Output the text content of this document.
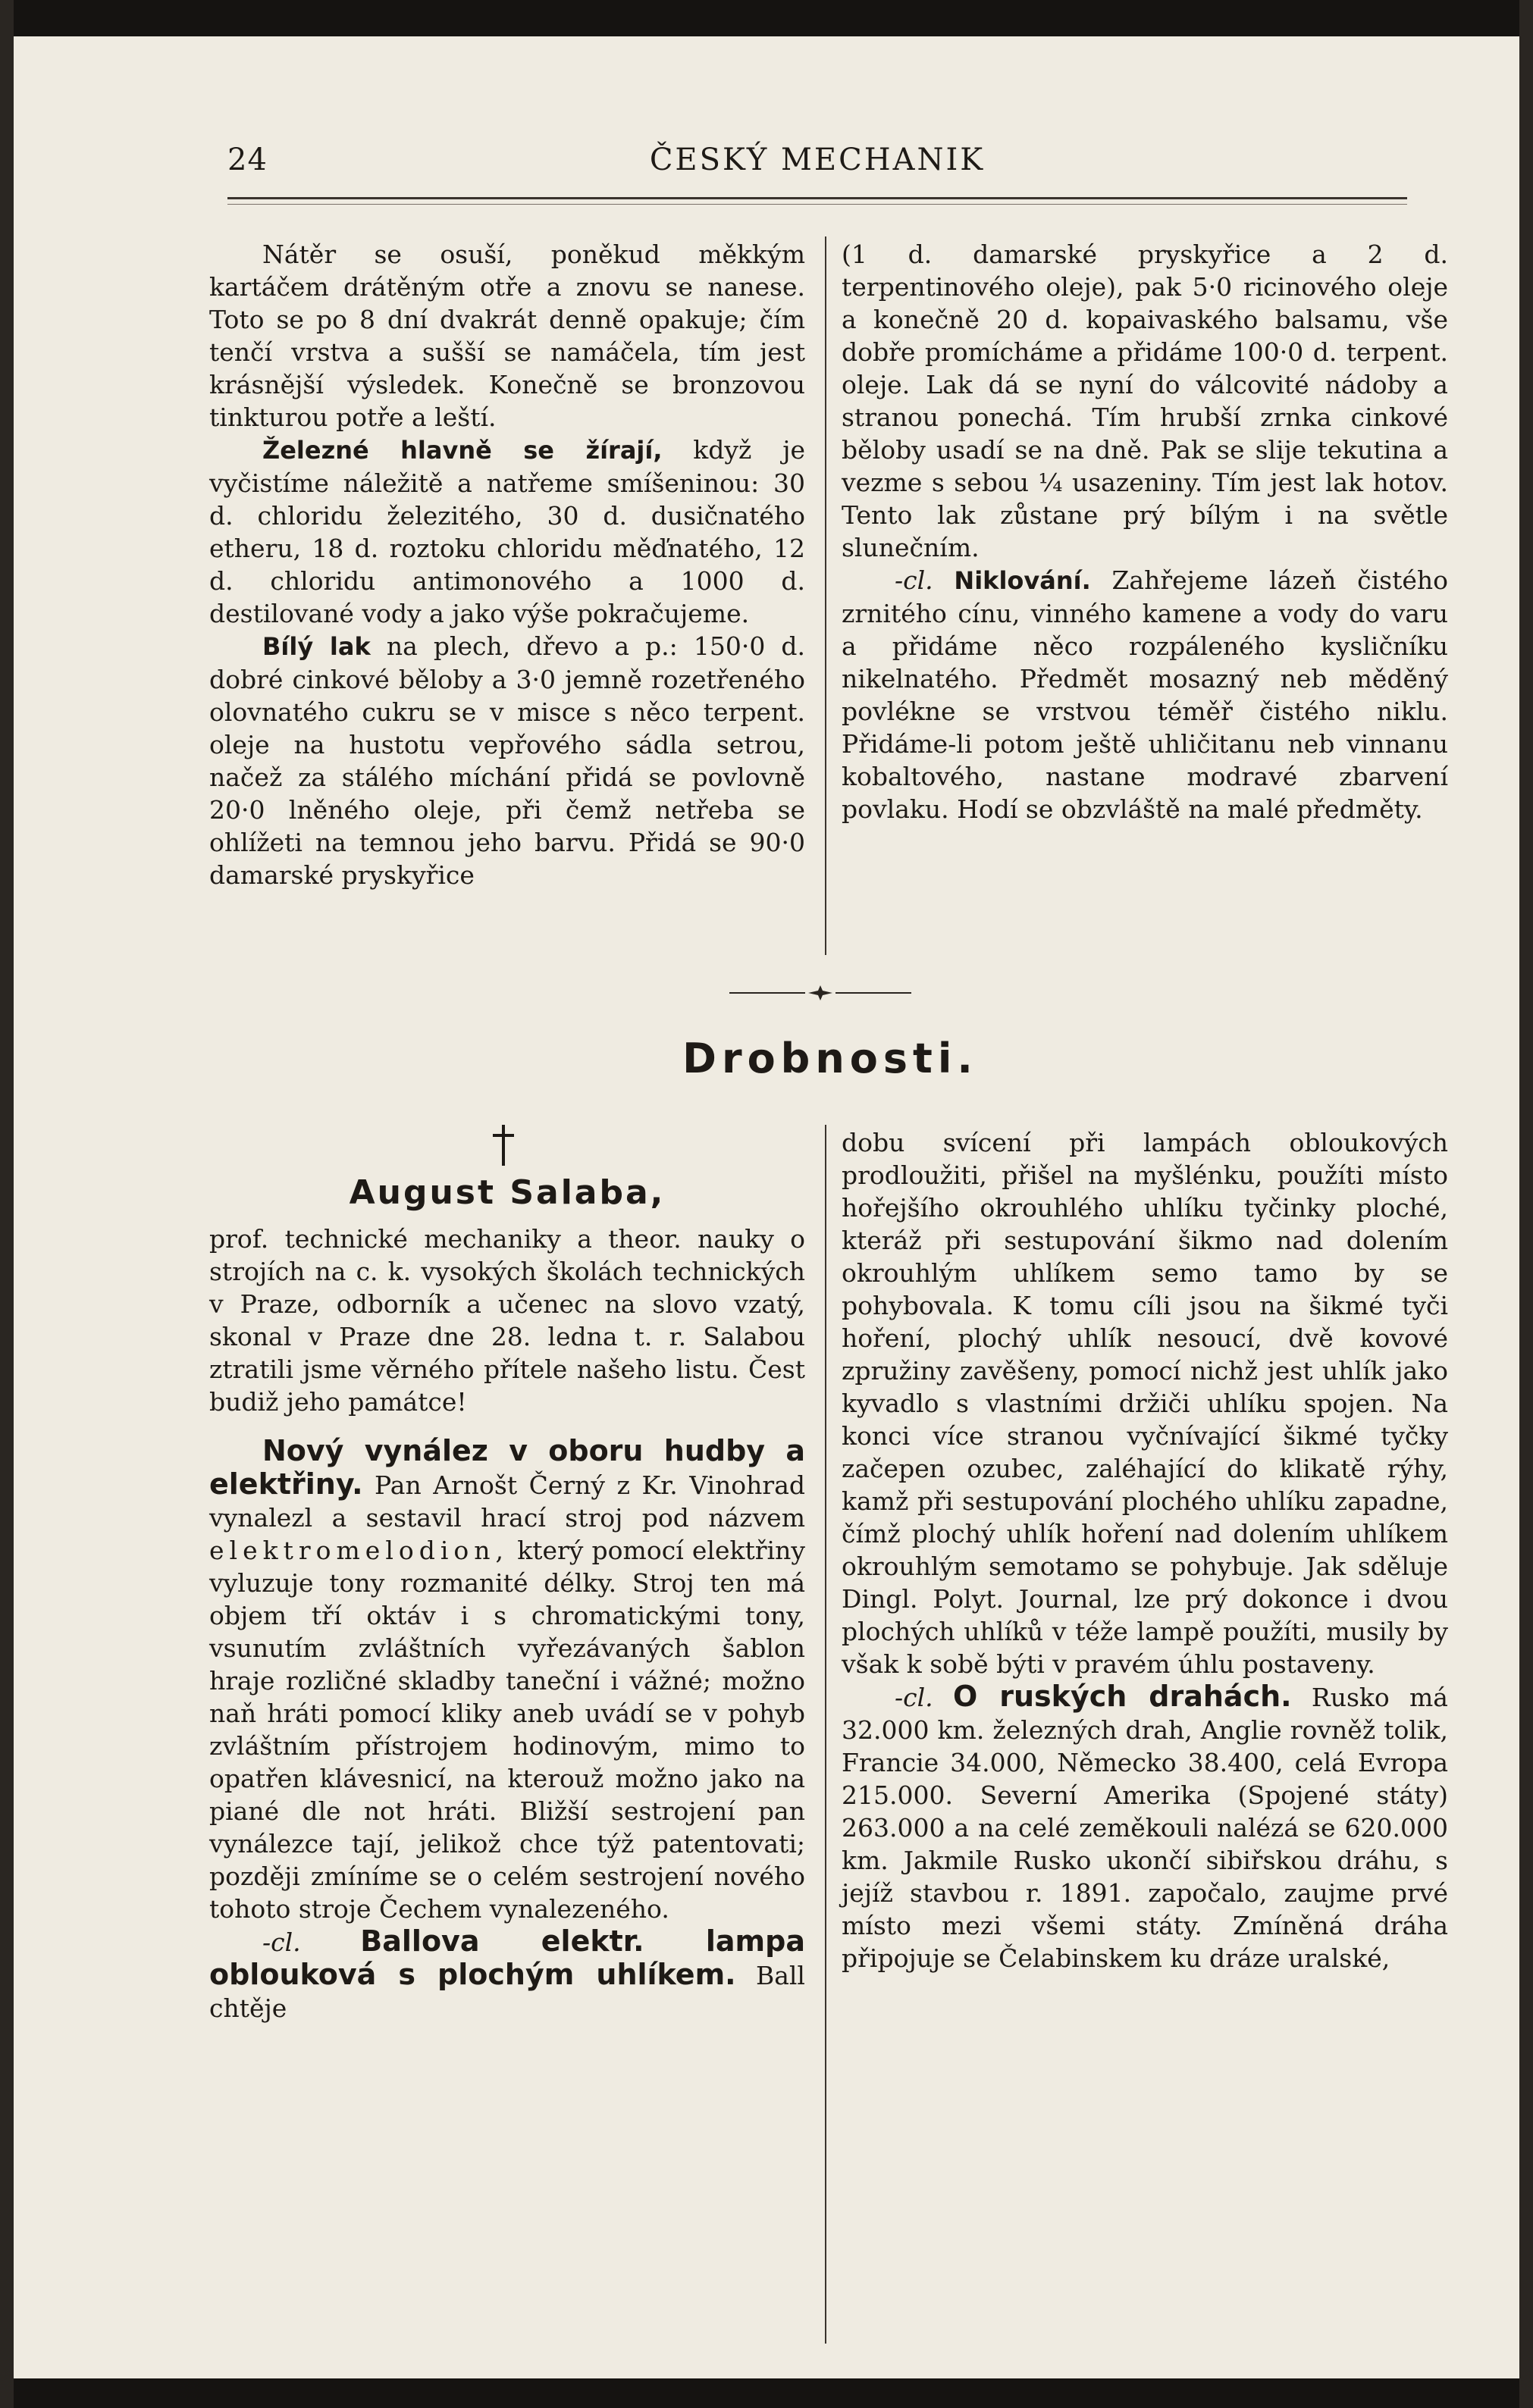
24	ČESKÝ MECHANIK

Nátěr se osuší, poněkud měkkým kartáčem drátěným otře a znovu se nanese. Toto se po 8 dní dvakrát denně opakuje; čím tenčí vrstva a sušší se namáčela, tím jest krásnější výsledek. Konečně se bronzovou tinkturou potře a leští.

Železné hlavně se žírají, když je vyčistíme náležitě a natřeme smíšeninou: 30 d. chloridu železitého, 30 d. dusičnatého etheru, 18 d. roztoku chloridu měďnatého, 12 d. chloridu antimonového a 1000 d. destilované vody a jako výše pokračujeme.

Bílý lak na plech, dřevo a p.: 150·0 d. dobré cinkové běloby a 3·0 jemně rozetřeného olovnatého cukru se v misce s něco terpent. oleje na hustotu vepřového sádla setrou, načež za stálého míchání přidá se povlovně 20·0 lněného oleje, při čemž netřeba se ohlížeti na temnou jeho barvu. Přidá se 90·0 damarské pryskyřice

(1 d. damarské pryskyřice a 2 d. terpentinového oleje), pak 5·0 ricinového oleje a konečně 20 d. kopaivaského balsamu, vše dobře promícháme a přidáme 100·0 d. terpent. oleje. Lak dá se nyní do válcovité nádoby a stranou ponechá. Tím hrubší zrnka cinkové běloby usadí se na dně. Pak se slije tekutina a vezme s sebou ¼ usazeniny. Tím jest lak hotov. Tento lak zůstane prý bílým i na světle slunečním.

-cl. Niklování. Zahřejeme lázeň čistého zrnitého cínu, vinného kamene a vody do varu a přidáme něco rozpáleného kysličníku nikelnatého. Předmět mosazný neb měděný povlékne se vrstvou téměř čistého niklu. Přidáme-li potom ještě uhličitanu neb vinnanu kobaltového, nastane modravé zbarvení povlaku. Hodí se obzvláště na malé předměty.

Drobnosti.
August Salaba,

prof. technické mechaniky a theor. nauky o strojích na c. k. vysokých školách technických v Praze, odborník a učenec na slovo vzatý, skonal v Praze dne 28. ledna t. r. Salabou ztratili jsme věrného přítele našeho listu. Čest budiž jeho památce!

Nový vynález v oboru hudby a elektřiny. Pan Arnošt Černý z Kr. Vinohrad vynalezl a sestavil hrací stroj pod názvem elektromelodion, který pomocí elektřiny vyluzuje tony rozmanité délky. Stroj ten má objem tří oktáv i s chromatickými tony, vsunutím zvláštních vyřezávaných šablon hraje rozličné skladby taneční i vážné; možno naň hráti pomocí kliky aneb uvádí se v pohyb zvláštním přístrojem hodinovým, mimo to opatřen klávesnicí, na kterouž možno jako na piané dle not hráti. Bližší sestrojení pan vynálezce tají, jelikož chce týž patentovati; později zmíníme se o celém sestrojení nového tohoto stroje Čechem vynalezeného.

-cl. Ballova elektr. lampa oblouková s plochým uhlíkem. Ball chtěje

dobu svícení při lampách obloukových prodloužiti, přišel na myšlénku, použíti místo hořejšího okrouhlého uhlíku tyčinky ploché, kteráž při sestupování šikmo nad dolením okrouhlým uhlíkem semo tamo by se pohybovala. K tomu cíli jsou na šikmé tyči hoření, plochý uhlík nesoucí, dvě kovové zpružiny zavěšeny, pomocí nichž jest uhlík jako kyvadlo s vlastními držiči uhlíku spojen. Na konci více stranou vyčnívající šikmé tyčky začepen ozubec, zaléhající do klikatě rýhy, kamž při sestupování plochého uhlíku zapadne, čímž plochý uhlík hoření nad dolením uhlíkem okrouhlým semotamo se pohybuje. Jak sděluje Dingl. Polyt. Journal, lze prý dokonce i dvou plochých uhlíků v téže lampě použíti, musily by však k sobě býti v pravém úhlu postaveny.

-cl. O ruských drahách. Rusko má 32.000 km. železných drah, Anglie rovněž tolik, Francie 34.000, Německo 38.400, celá Evropa 215.000. Severní Amerika (Spojené státy) 263.000 a na celé zeměkouli nalézá se 620.000 km. Jakmile Rusko ukončí sibiřskou dráhu, s jejíž stavbou r. 1891. započalo, zaujme prvé místo mezi všemi státy. Zmíněná dráha připojuje se Čelabinskem ku dráze uralské,
